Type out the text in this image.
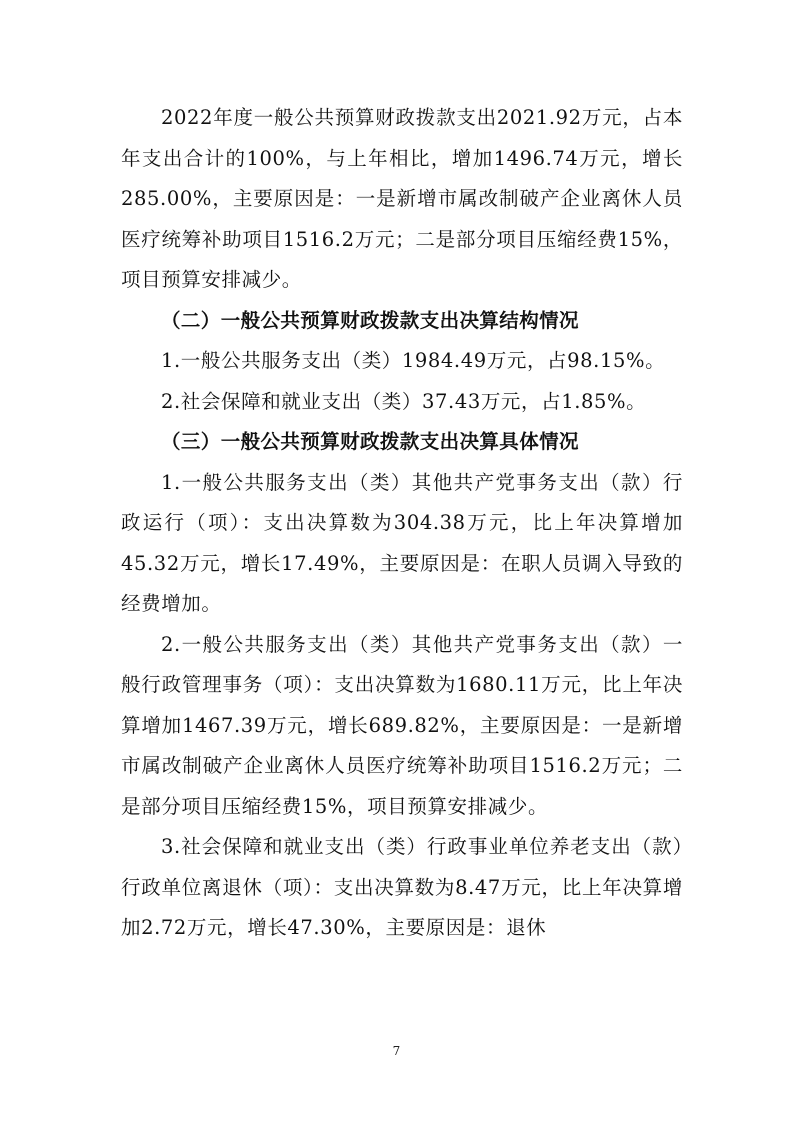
2022年度一般公共预算财政拨款支出2021.92万元，占本年支出合计的100%，与上年相比，增加1496.74万元，增长285.00%，主要原因是：一是新增市属改制破产企业离休人员医疗统筹补助项目1516.2万元；二是部分项目压缩经费15%，项目预算安排减少。

（二）一般公共预算财政拨款支出决算结构情况

1.一般公共服务支出（类）1984.49万元，占98.15%。

2.社会保障和就业支出（类）37.43万元，占1.85%。

（三）一般公共预算财政拨款支出决算具体情况

1.一般公共服务支出（类）其他共产党事务支出（款）行政运行（项）：支出决算数为304.38万元，比上年决算增加45.32万元，增长17.49%，主要原因是：在职人员调入导致的经费增加。

2.一般公共服务支出（类）其他共产党事务支出（款）一般行政管理事务（项）：支出决算数为1680.11万元，比上年决算增加1467.39万元，增长689.82%，主要原因是：一是新增市属改制破产企业离休人员医疗统筹补助项目1516.2万元；二是部分项目压缩经费15%，项目预算安排减少。

3.社会保障和就业支出（类）行政事业单位养老支出（款）行政单位离退休（项）：支出决算数为8.47万元，比上年决算增加2.72万元，增长47.30%，主要原因是：退休

7
